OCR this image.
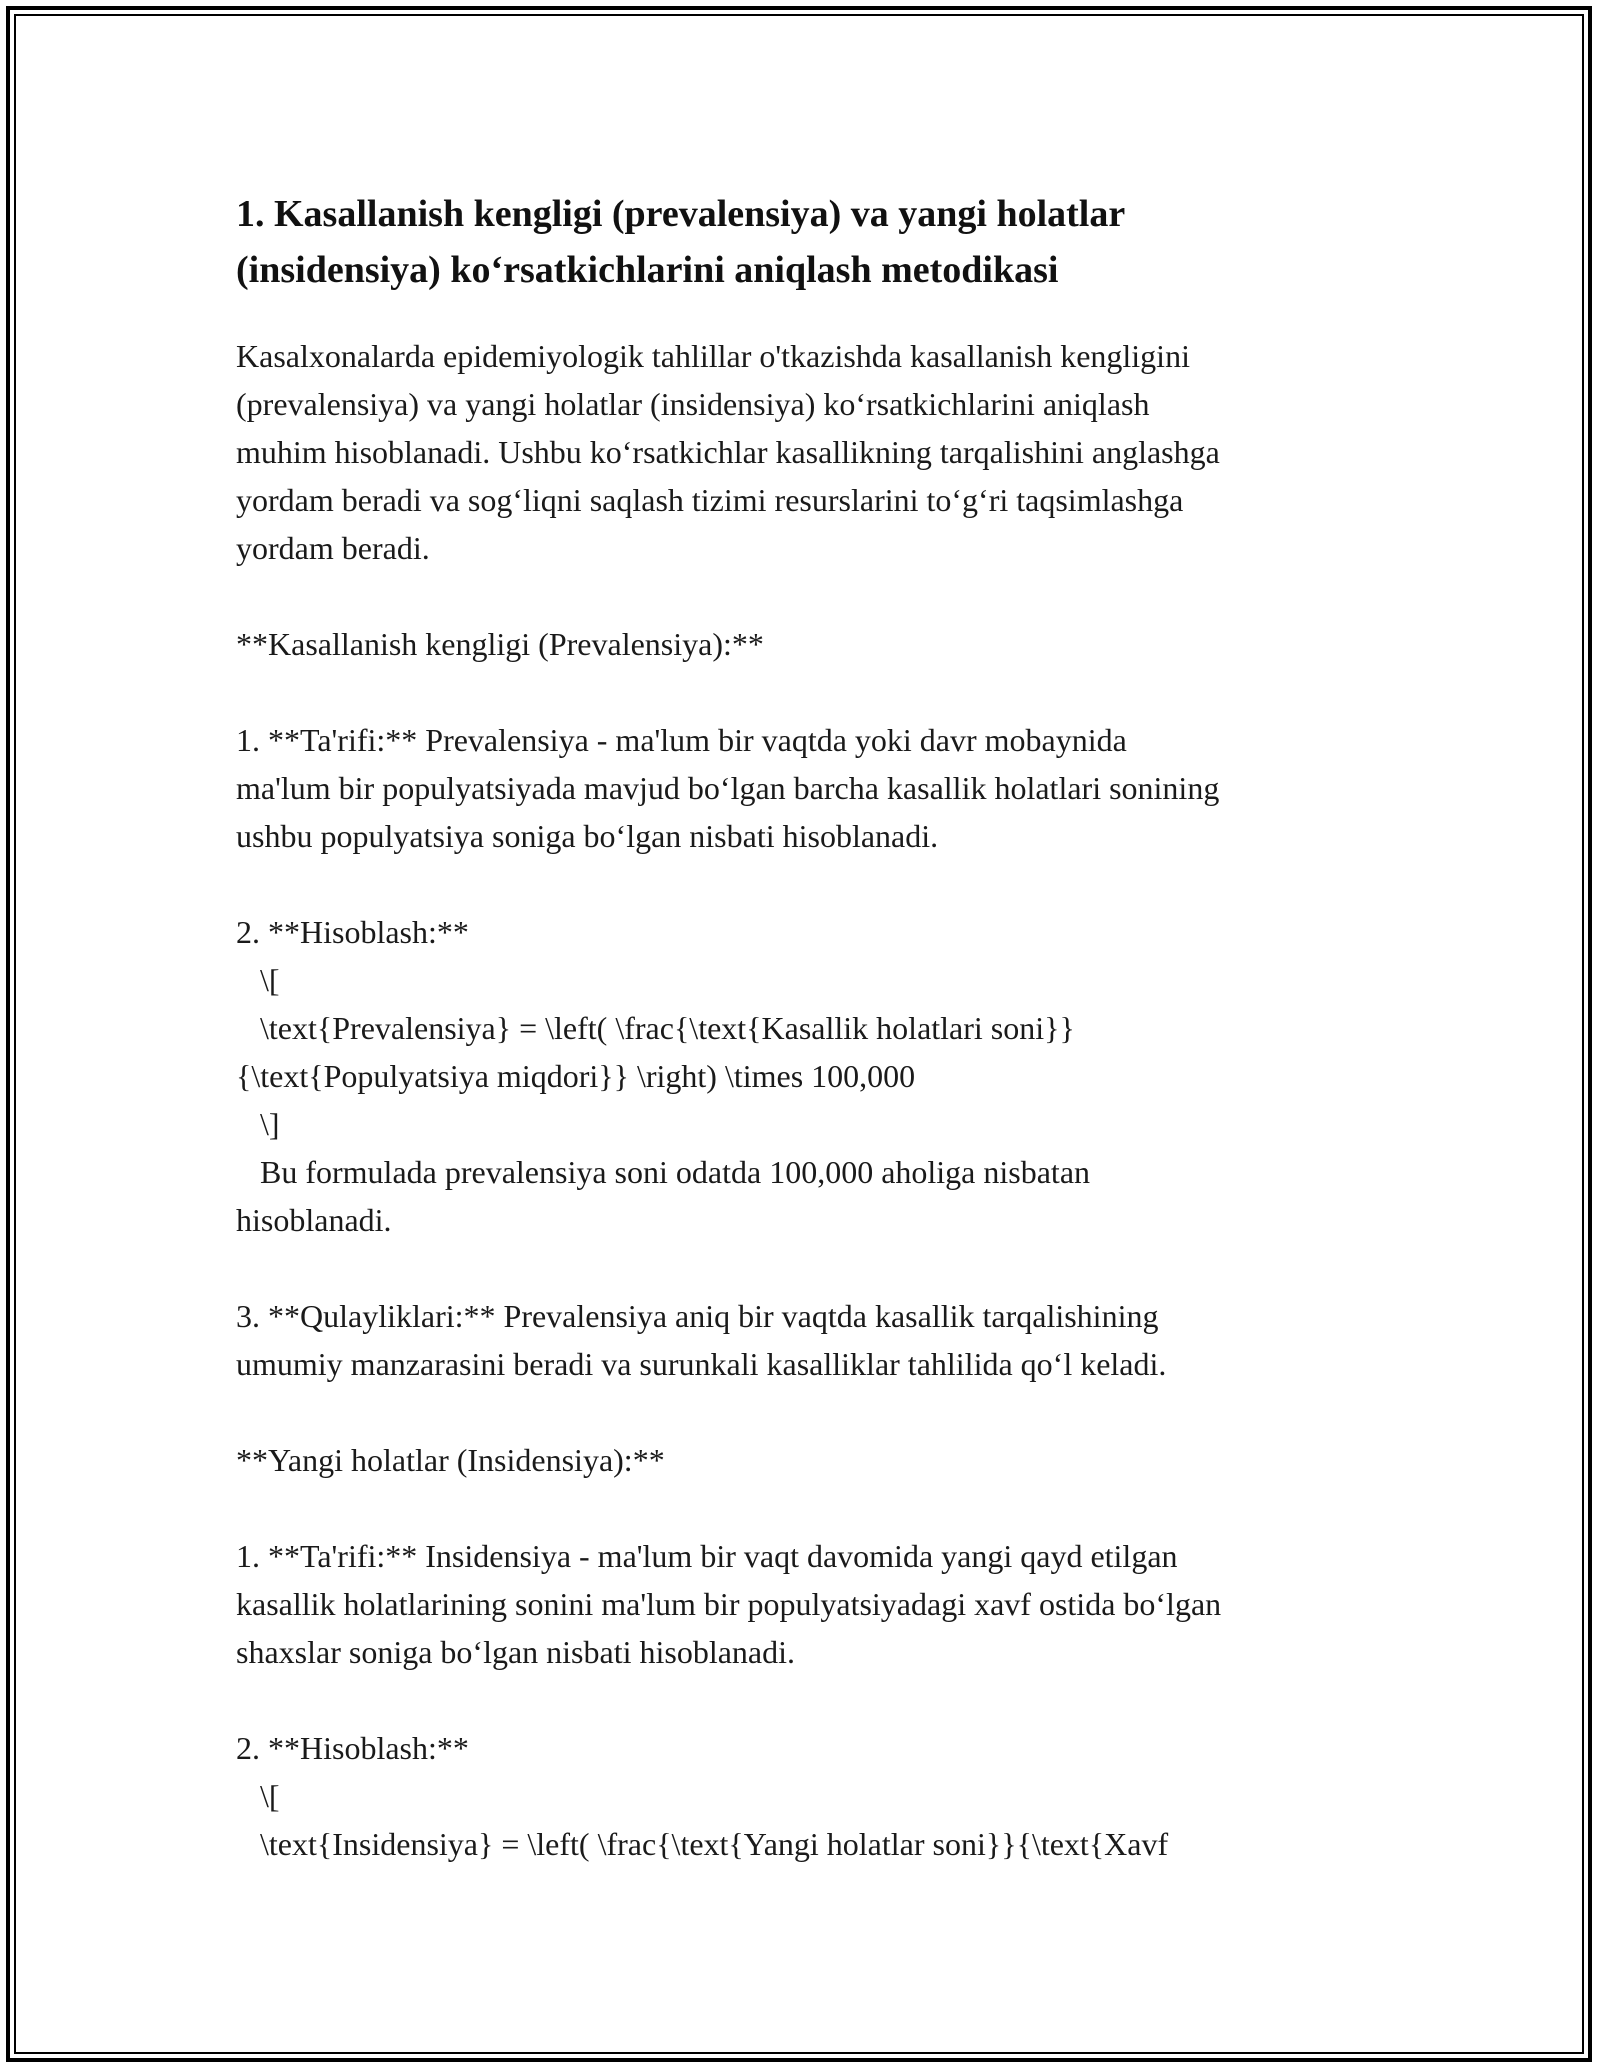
1. Kasallanish kengligi (prevalensiya) va yangi holatlar
(insidensiya) ko‘rsatkichlarini aniqlash metodikasi
Kasalxonalarda epidemiyologik tahlillar o'tkazishda kasallanish kengligini
(prevalensiya) va yangi holatlar (insidensiya) ko‘rsatkichlarini aniqlash
muhim hisoblanadi. Ushbu ko‘rsatkichlar kasallikning tarqalishini anglashga
yordam beradi va sog‘liqni saqlash tizimi resurslarini to‘g‘ri taqsimlashga
yordam beradi.
**Kasallanish kengligi (Prevalensiya):**
1. **Ta'rifi:** Prevalensiya - ma'lum bir vaqtda yoki davr mobaynida
ma'lum bir populyatsiyada mavjud bo‘lgan barcha kasallik holatlari sonining
ushbu populyatsiya soniga bo‘lgan nisbati hisoblanadi.
2. **Hisoblash:**
\[
\text{Prevalensiya} = \left( \frac{\text{Kasallik holatlari soni}}
{\text{Populyatsiya miqdori}} \right) \times 100,000
\]
Bu formulada prevalensiya soni odatda 100,000 aholiga nisbatan
hisoblanadi.
3. **Qulayliklari:** Prevalensiya aniq bir vaqtda kasallik tarqalishining
umumiy manzarasini beradi va surunkali kasalliklar tahlilida qo‘l keladi.
**Yangi holatlar (Insidensiya):**
1. **Ta'rifi:** Insidensiya - ma'lum bir vaqt davomida yangi qayd etilgan
kasallik holatlarining sonini ma'lum bir populyatsiyadagi xavf ostida bo‘lgan
shaxslar soniga bo‘lgan nisbati hisoblanadi.
2. **Hisoblash:**
\[
\text{Insidensiya} = \left( \frac{\text{Yangi holatlar soni}}{\text{Xavf
